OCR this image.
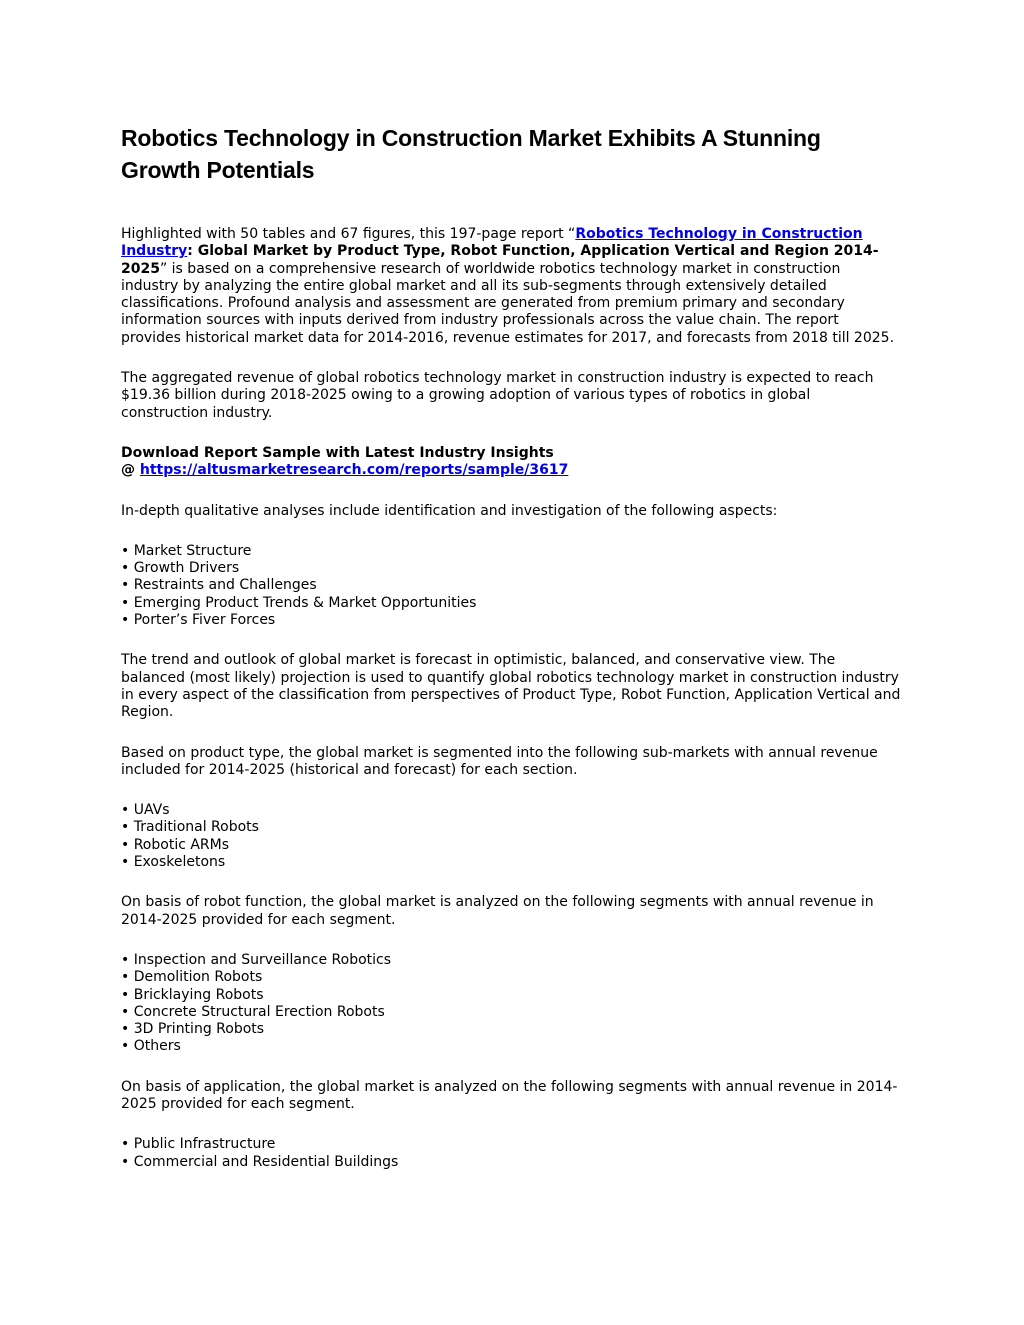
Robotics Technology in Construction Market Exhibits A Stunning Growth Potentials

Highlighted with 50 tables and 67 figures, this 197-page report “Robotics Technology in Construction Industry: Global Market by Product Type, Robot Function, Application Vertical and Region 2014-2025” is based on a comprehensive research of worldwide robotics technology market in construction industry by analyzing the entire global market and all its sub-segments through extensively detailed classifications. Profound analysis and assessment are generated from premium primary and secondary information sources with inputs derived from industry professionals across the value chain. The report provides historical market data for 2014-2016, revenue estimates for 2017, and forecasts from 2018 till 2025.

The aggregated revenue of global robotics technology market in construction industry is expected to reach $19.36 billion during 2018-2025 owing to a growing adoption of various types of robotics in global construction industry.

Download Report Sample with Latest Industry Insights
@ https://altusmarketresearch.com/reports/sample/3617

In-depth qualitative analyses include identification and investigation of the following aspects:

• Market Structure
• Growth Drivers
• Restraints and Challenges
• Emerging Product Trends & Market Opportunities
• Porter’s Fiver Forces

The trend and outlook of global market is forecast in optimistic, balanced, and conservative view. The balanced (most likely) projection is used to quantify global robotics technology market in construction industry in every aspect of the classification from perspectives of Product Type, Robot Function, Application Vertical and Region.

Based on product type, the global market is segmented into the following sub-markets with annual revenue included for 2014-2025 (historical and forecast) for each section.

• UAVs
• Traditional Robots
• Robotic ARMs
• Exoskeletons

On basis of robot function, the global market is analyzed on the following segments with annual revenue in 2014-2025 provided for each segment.

• Inspection and Surveillance Robotics
• Demolition Robots
• Bricklaying Robots
• Concrete Structural Erection Robots
• 3D Printing Robots
• Others

On basis of application, the global market is analyzed on the following segments with annual revenue in 2014-2025 provided for each segment.

• Public Infrastructure
• Commercial and Residential Buildings
